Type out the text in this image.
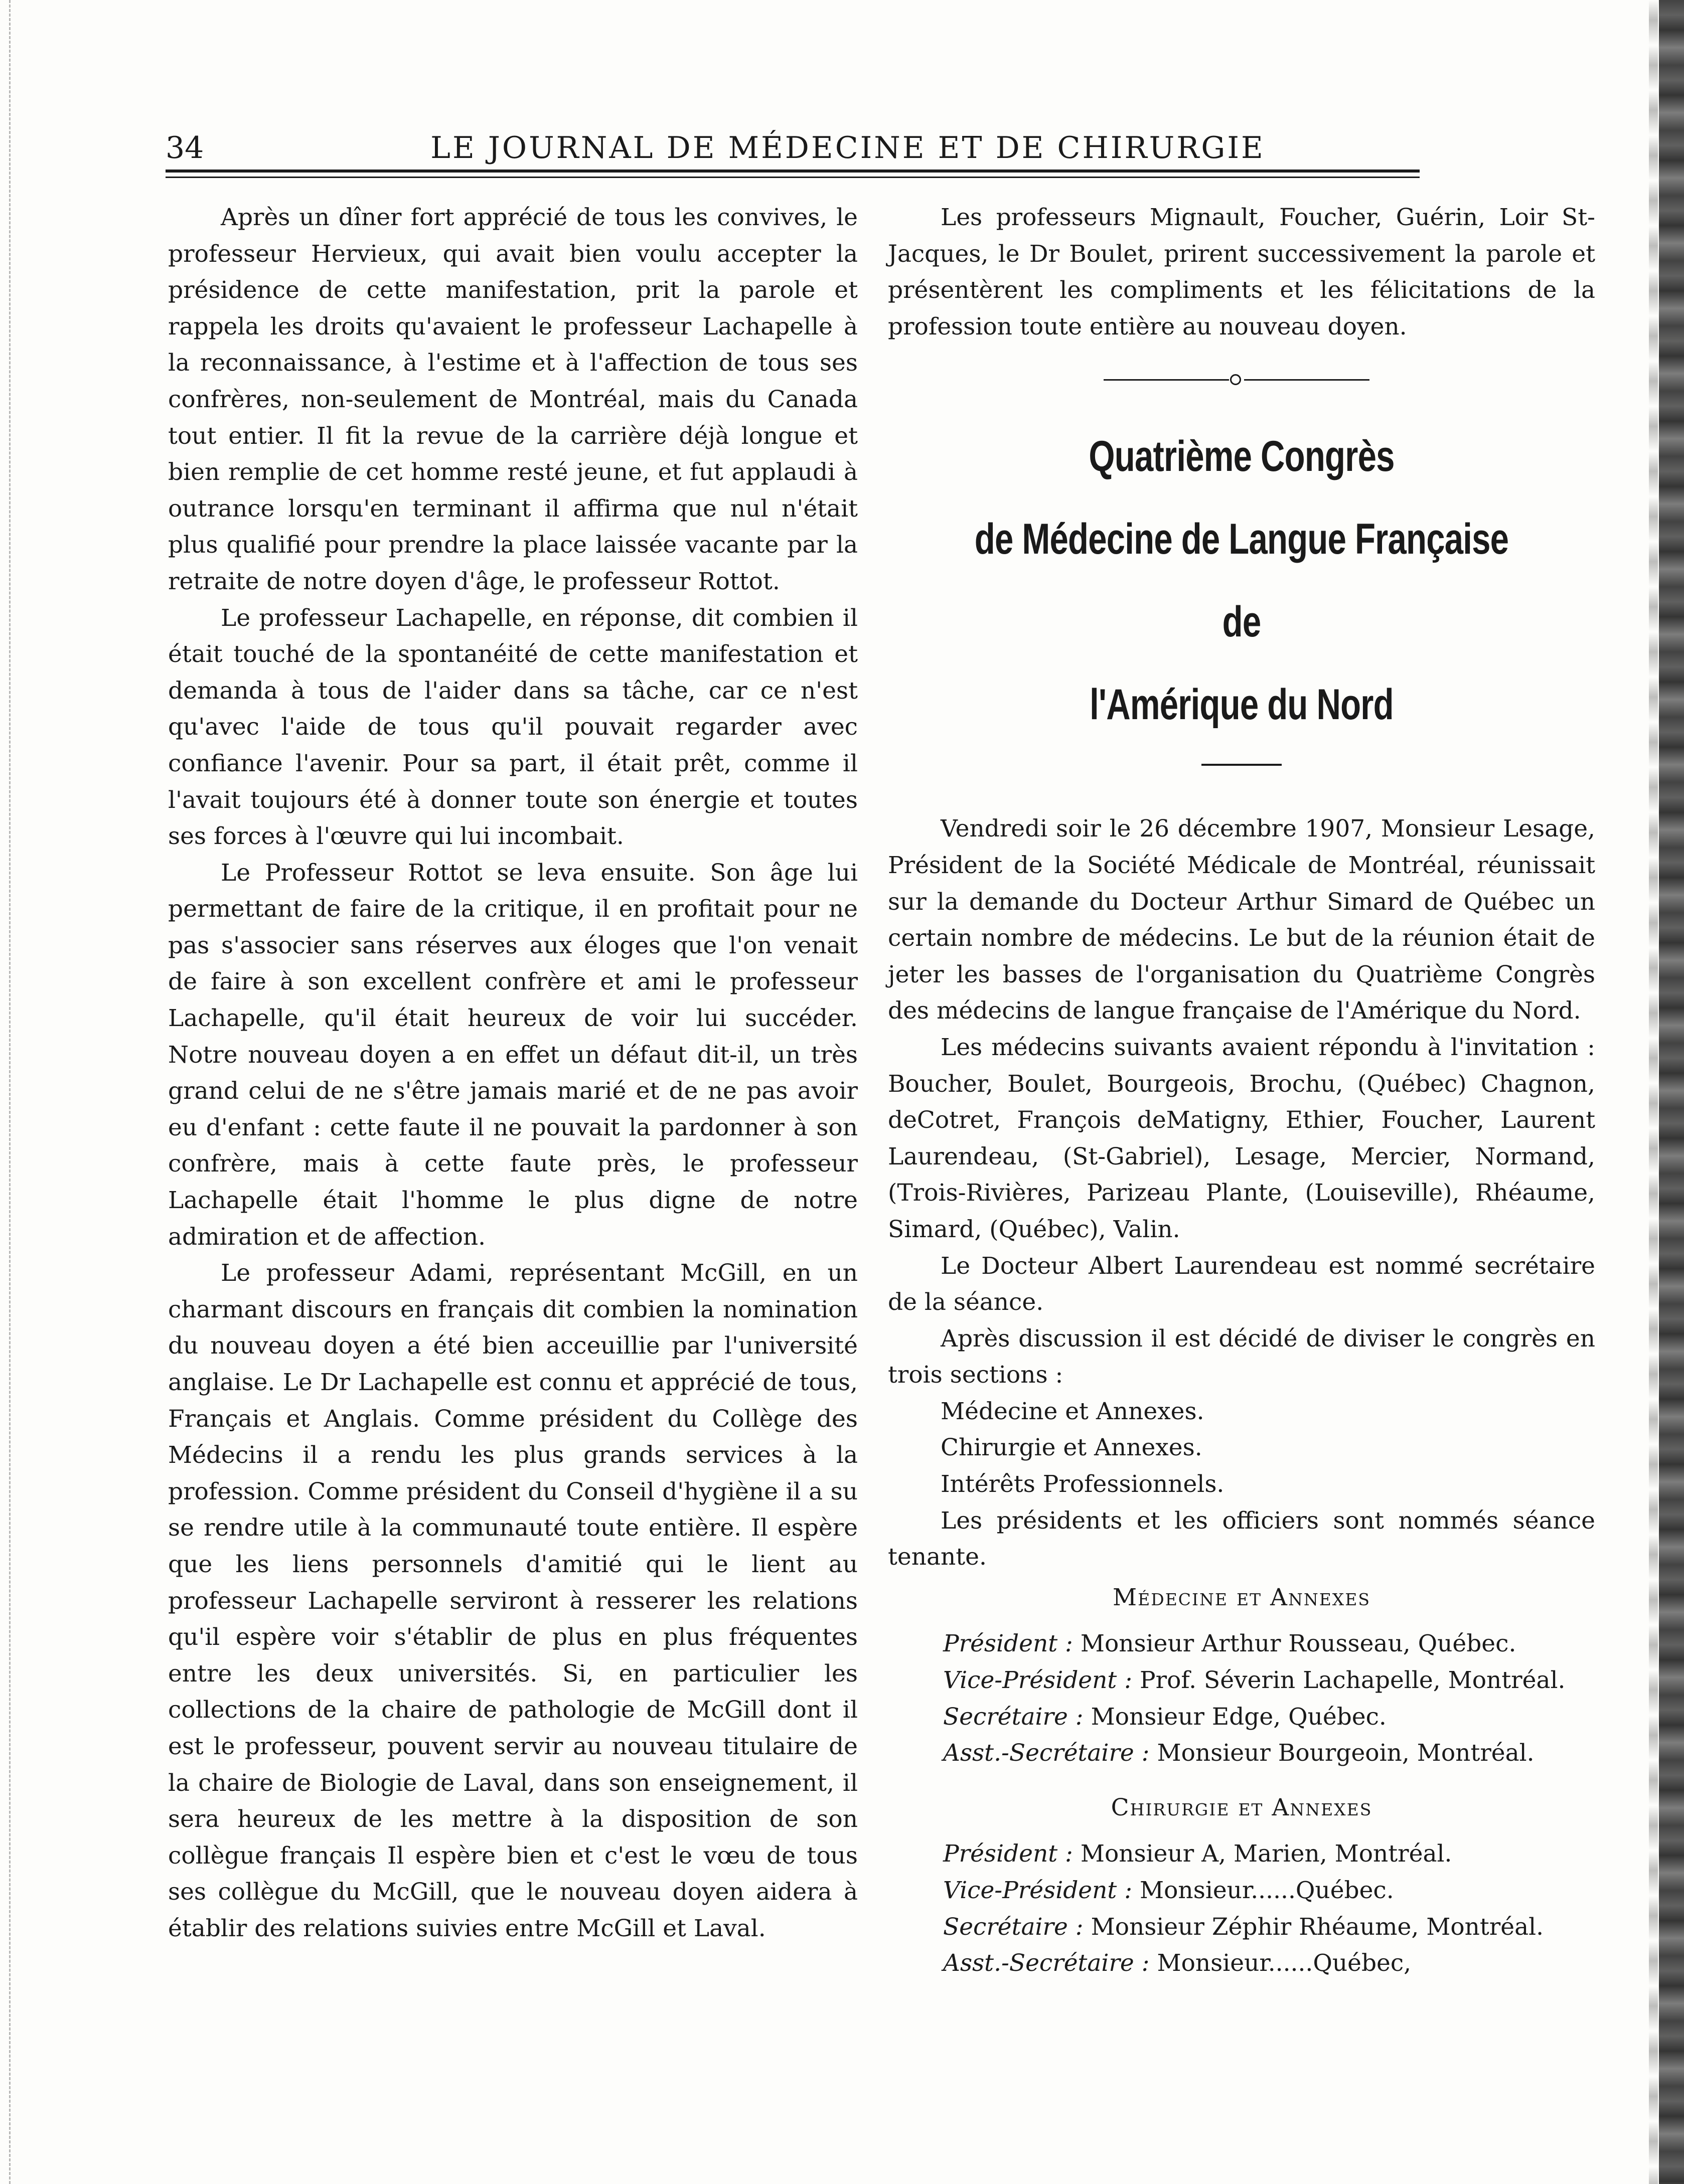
34	LE JOURNAL DE MÉDECINE ET DE CHIRURGIE

Après un dîner fort apprécié de tous les convives, le professeur Hervieux, qui avait bien voulu accepter la présidence de cette manifestation, prit la parole et rappela les droits qu'avaient le professeur Lachapelle à la reconnaissance, à l'estime et à l'affection de tous ses confrères, non-seulement de Montréal, mais du Canada tout entier. Il fit la revue de la carrière déjà longue et bien remplie de cet homme resté jeune, et fut applaudi à outrance lorsqu'en terminant il affirma que nul n'était plus qualifié pour prendre la place laissée vacante par la retraite de notre doyen d'âge, le professeur Rottot.

Le professeur Lachapelle, en réponse, dit combien il était touché de la spontanéité de cette manifestation et demanda à tous de l'aider dans sa tâche, car ce n'est qu'avec l'aide de tous qu'il pouvait regarder avec confiance l'avenir. Pour sa part, il était prêt, comme il l'avait toujours été à donner toute son énergie et toutes ses forces à l'œuvre qui lui incombait.

Le Professeur Rottot se leva ensuite. Son âge lui permettant de faire de la critique, il en profitait pour ne pas s'associer sans réserves aux éloges que l'on venait de faire à son excellent confrère et ami le professeur Lachapelle, qu'il était heureux de voir lui succéder. Notre nouveau doyen a en effet un défaut dit-il, un très grand celui de ne s'être jamais marié et de ne pas avoir eu d'enfant : cette faute il ne pouvait la pardonner à son confrère, mais à cette faute près, le professeur Lachapelle était l'homme le plus digne de notre admiration et de affection.

Le professeur Adami, représentant McGill, en un charmant discours en français dit combien la nomination du nouveau doyen a été bien acceuillie par l'université anglaise. Le Dr Lachapelle est connu et apprécié de tous, Français et Anglais. Comme président du Collège des Médecins il a rendu les plus grands services à la profession. Comme président du Conseil d'hygiène il a su se rendre utile à la communauté toute entière. Il espère que les liens personnels d'amitié qui le lient au professeur Lachapelle serviront à resserer les relations qu'il espère voir s'établir de plus en plus fréquentes entre les deux universités. Si, en particulier les collections de la chaire de pathologie de McGill dont il est le professeur, pouvent servir au nouveau titulaire de la chaire de Biologie de Laval, dans son enseignement, il sera heureux de les mettre à la disposition de son collègue français Il espère bien et c'est le vœu de tous ses collègue du McGill, que le nouveau doyen aidera à établir des relations suivies entre McGill et Laval.

Les professeurs Mignault, Foucher, Guérin, Loir St-Jacques, le Dr Boulet, prirent successivement la parole et présentèrent les compliments et les félicitations de la profession toute entière au nouveau doyen.

Quatrième Congrès
de Médecine de Langue Française de
l'Amérique du Nord

Vendredi soir le 26 décembre 1907, Monsieur Lesage, Président de la Société Médicale de Montréal, réunissait sur la demande du Docteur Arthur Simard de Québec un certain nombre de médecins. Le but de la réunion était de jeter les basses de l'organisation du Quatrième Congrès des médecins de langue française de l'Amérique du Nord.

Les médecins suivants avaient répondu à l'invitation : Boucher, Boulet, Bourgeois, Brochu, (Québec) Chagnon, deCotret, François deMatigny, Ethier, Foucher, Laurent Laurendeau, (St-Gabriel), Lesage, Mercier, Normand, (Trois-Rivières, Parizeau Plante, (Louiseville), Rhéaume, Simard, (Québec), Valin.

Le Docteur Albert Laurendeau est nommé secrétaire de la séance.

Après discussion il est décidé de diviser le congrès en trois sections :

Médecine et Annexes.

Chirurgie et Annexes.

Intérêts Professionnels.

Les présidents et les officiers sont nommés séance tenante.

Médecine et Annexes

Président : Monsieur Arthur Rousseau, Québec.

Vice-Président : Prof. Séverin Lachapelle, Montréal.

Secrétaire : Monsieur Edge, Québec.

Asst.-Secrétaire : Monsieur Bourgeoin, Montréal.

Chirurgie et Annexes

Président : Monsieur A, Marien, Montréal.

Vice-Président : Monsieur......Québec.

Secrétaire : Monsieur Zéphir Rhéaume, Montréal.

Asst.-Secrétaire : Monsieur......Québec,
